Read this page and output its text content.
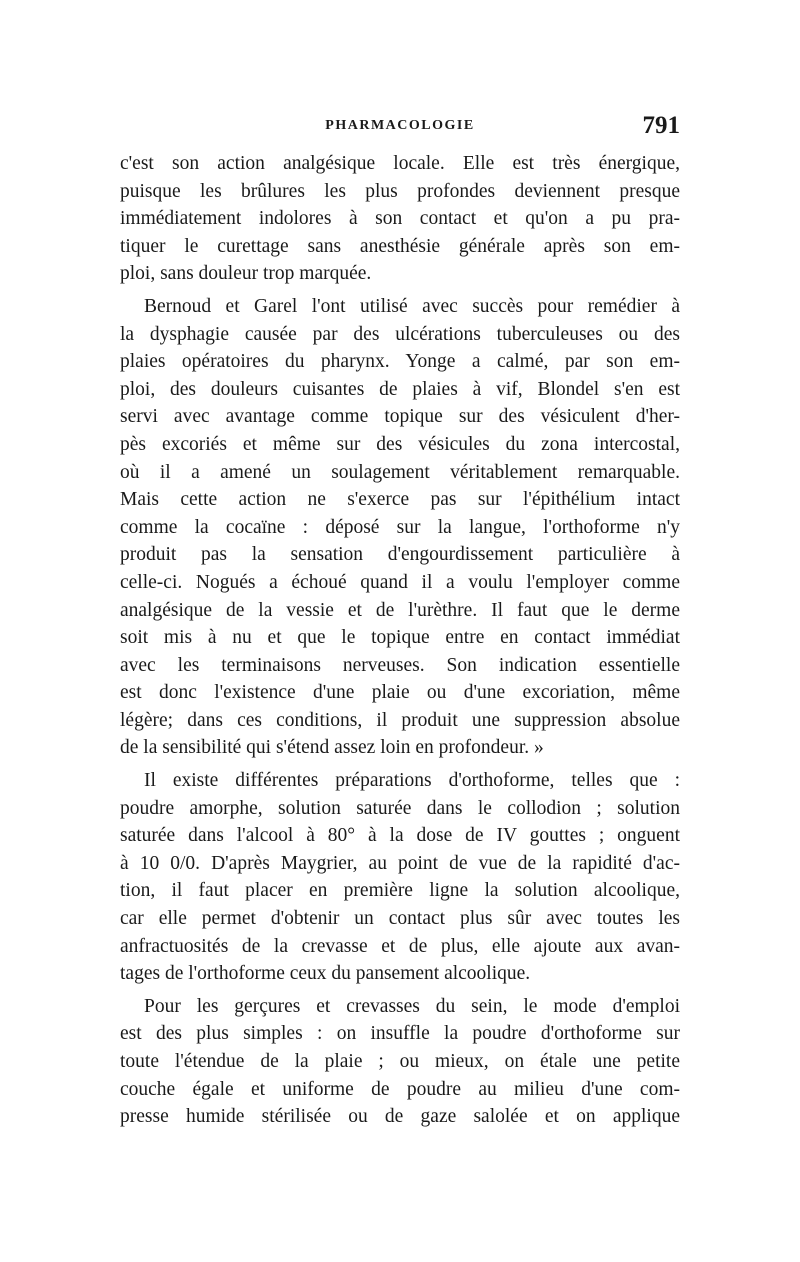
PHARMACOLOGIE	791
c'est son action analgésique locale. Elle est très énergique,
puisque les brûlures les plus profondes deviennent presque
immédiatement indolores à son contact et qu'on a pu pra-
tiquer le curettage sans anesthésie générale après son em-
ploi, sans douleur trop marquée.
Bernoud et Garel l'ont utilisé avec succès pour remédier à
la dysphagie causée par des ulcérations tuberculeuses ou des
plaies opératoires du pharynx. Yonge a calmé, par son em-
ploi, des douleurs cuisantes de plaies à vif, Blondel s'en est
servi avec avantage comme topique sur des vésiculent d'her-
pès excoriés et même sur des vésicules du zona intercostal,
où il a amené un soulagement véritablement remarquable.
Mais cette action ne s'exerce pas sur l'épithélium intact
comme la cocaïne : déposé sur la langue, l'orthoforme n'y
produit pas la sensation d'engourdissement particulière à
celle-ci. Nogués a échoué quand il a voulu l'employer comme
analgésique de la vessie et de l'urèthre. Il faut que le derme
soit mis à nu et que le topique entre en contact immédiat
avec les terminaisons nerveuses. Son indication essentielle
est donc l'existence d'une plaie ou d'une excoriation, même
légère; dans ces conditions, il produit une suppression absolue
de la sensibilité qui s'étend assez loin en profondeur. »
Il existe différentes préparations d'orthoforme, telles que :
poudre amorphe, solution saturée dans le collodion ; solution
saturée dans l'alcool à 80° à la dose de IV gouttes ; onguent
à 10 0/0. D'après Maygrier, au point de vue de la rapidité d'ac-
tion, il faut placer en première ligne la solution alcoolique,
car elle permet d'obtenir un contact plus sûr avec toutes les
anfractuosités de la crevasse et de plus, elle ajoute aux avan-
tages de l'orthoforme ceux du pansement alcoolique.
Pour les gerçures et crevasses du sein, le mode d'emploi
est des plus simples : on insuffle la poudre d'orthoforme sur
toute l'étendue de la plaie ; ou mieux, on étale une petite
couche égale et uniforme de poudre au milieu d'une com-
presse humide stérilisée ou de gaze salolée et on applique
